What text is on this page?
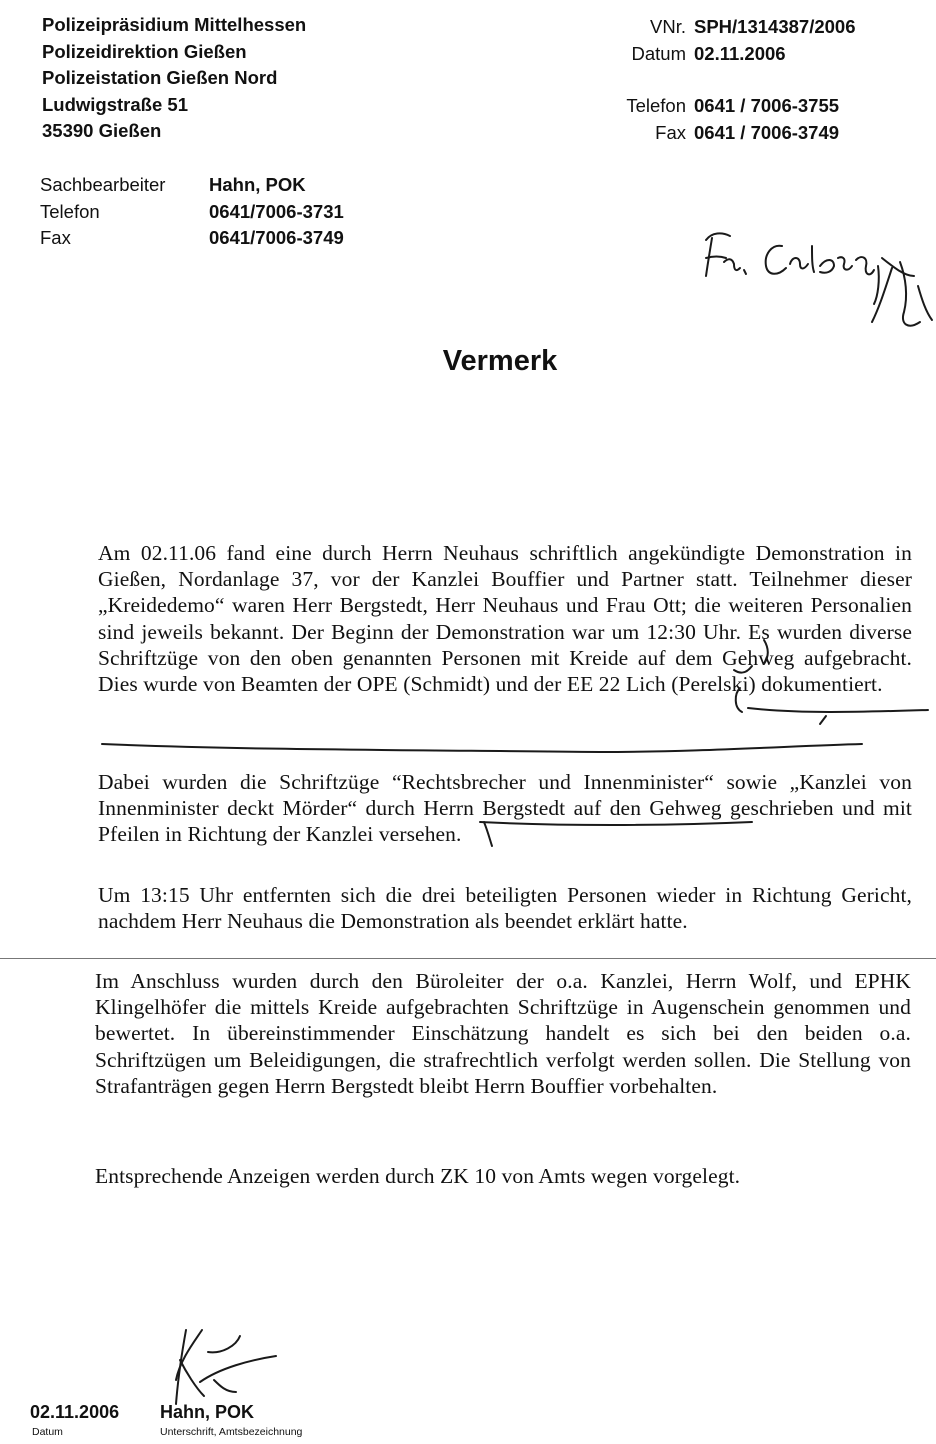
Polizeipräsidium Mittelhessen
Polizeidirektion Gießen
Polizeistation Gießen Nord
Ludwigstraße 51
35390 Gießen
VNr. SPH/1314387/2006
Datum 02.11.2006
Telefon 0641 / 7006-3755
Fax 0641 / 7006-3749
Sachbearbeiter	Hahn, POK
Telefon	0641/7006-3731
Fax	0641/7006-3749
Vermerk
Am 02.11.06 fand eine durch Herrn Neuhaus schriftlich angekündigte Demonstration in Gießen, Nordanlage 37, vor der Kanzlei Bouffier und Partner statt. Teilnehmer dieser „Kreidedemo“ waren Herr Bergstedt, Herr Neuhaus und Frau Ott; die weiteren Personalien sind jeweils bekannt. Der Beginn der Demonstration war um 12:30 Uhr. Es wurden diverse Schriftzüge von den oben genannten Personen mit Kreide auf dem Gehweg aufgebracht. Dies wurde von Beamten der OPE (Schmidt) und der EE 22 Lich (Perelski) dokumentiert.
Dabei wurden die Schriftzüge “Rechtsbrecher und Innenminister“ sowie „Kanzlei von Innenminister deckt Mörder“ durch Herrn Bergstedt auf den Gehweg geschrieben und mit Pfeilen in Richtung der Kanzlei versehen.
Um 13:15 Uhr entfernten sich die drei beteiligten Personen wieder in Richtung Gericht, nachdem Herr Neuhaus die Demonstration als beendet erklärt hatte.
Im Anschluss wurden durch den Büroleiter der o.a. Kanzlei, Herrn Wolf, und EPHK Klingelhöfer die mittels Kreide aufgebrachten Schriftzüge in Augenschein genommen und bewertet. In übereinstimmender Einschätzung handelt es sich bei den beiden o.a. Schriftzügen um Beleidigungen, die strafrechtlich verfolgt werden sollen. Die Stellung von Strafanträgen gegen Herrn Bergstedt bleibt Herrn Bouffier vorbehalten.
Entsprechende Anzeigen werden durch ZK 10 von Amts wegen vorgelegt.
02.11.2006
Datum
Hahn, POK
Unterschrift, Amtsbezeichnung
